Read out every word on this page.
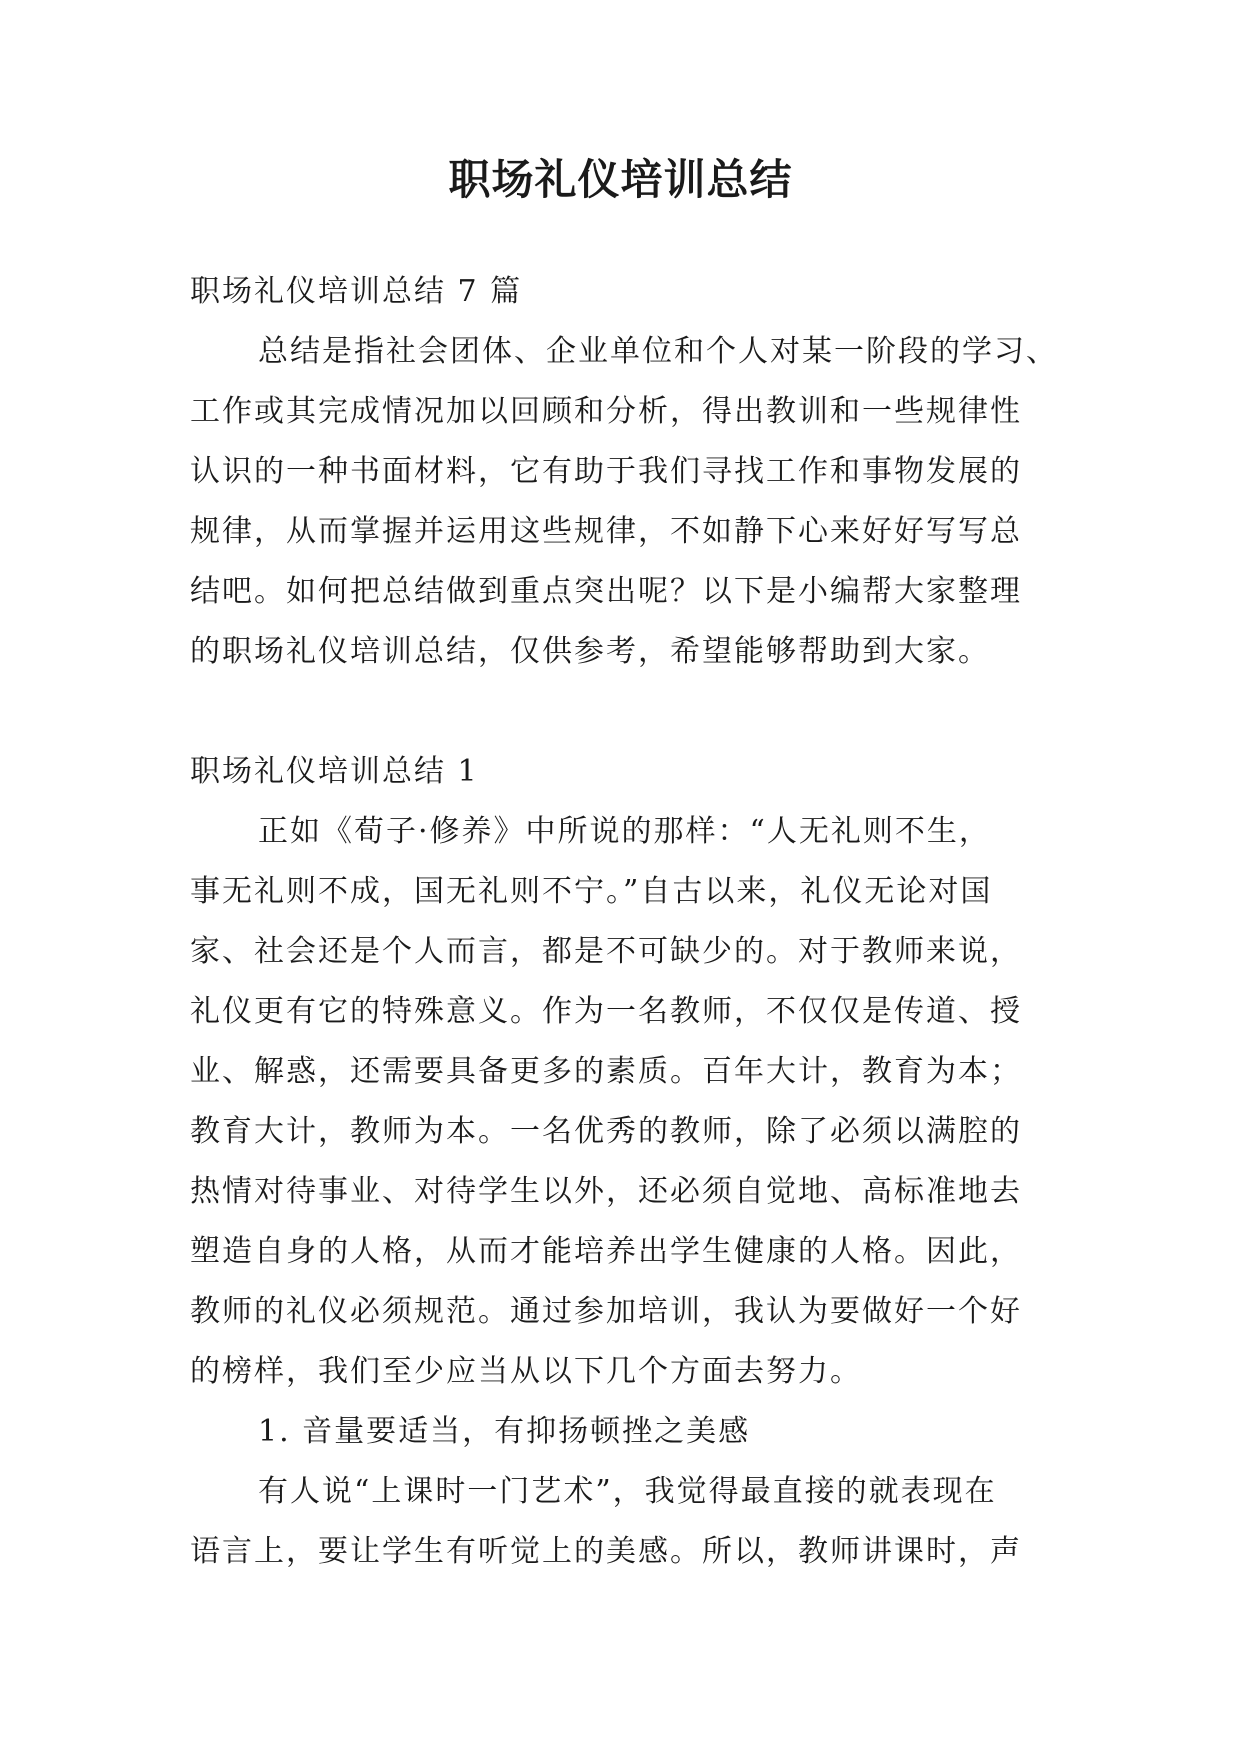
职场礼仪培训总结
职场礼仪培训总结 7 篇
总结是指社会团体、企业单位和个人对某一阶段的学习、
工作或其完成情况加以回顾和分析，得出教训和一些规律性
认识的一种书面材料，它有助于我们寻找工作和事物发展的
规律，从而掌握并运用这些规律，不如静下心来好好写写总
结吧。如何把总结做到重点突出呢？以下是小编帮大家整理
的职场礼仪培训总结，仅供参考，希望能够帮助到大家。
职场礼仪培训总结 1
正如《荀子·修养》中所说的那样：“人无礼则不生，
事无礼则不成，国无礼则不宁。”自古以来，礼仪无论对国
家、社会还是个人而言，都是不可缺少的。对于教师来说，
礼仪更有它的特殊意义。作为一名教师，不仅仅是传道、授
业、解惑，还需要具备更多的素质。百年大计，教育为本；
教育大计，教师为本。一名优秀的教师，除了必须以满腔的
热情对待事业、对待学生以外，还必须自觉地、高标准地去
塑造自身的人格，从而才能培养出学生健康的人格。因此，
教师的礼仪必须规范。通过参加培训，我认为要做好一个好
的榜样，我们至少应当从以下几个方面去努力。
1. 音量要适当，有抑扬顿挫之美感
有人说“上课时一门艺术”，我觉得最直接的就表现在
语言上，要让学生有听觉上的美感。所以，教师讲课时，声
